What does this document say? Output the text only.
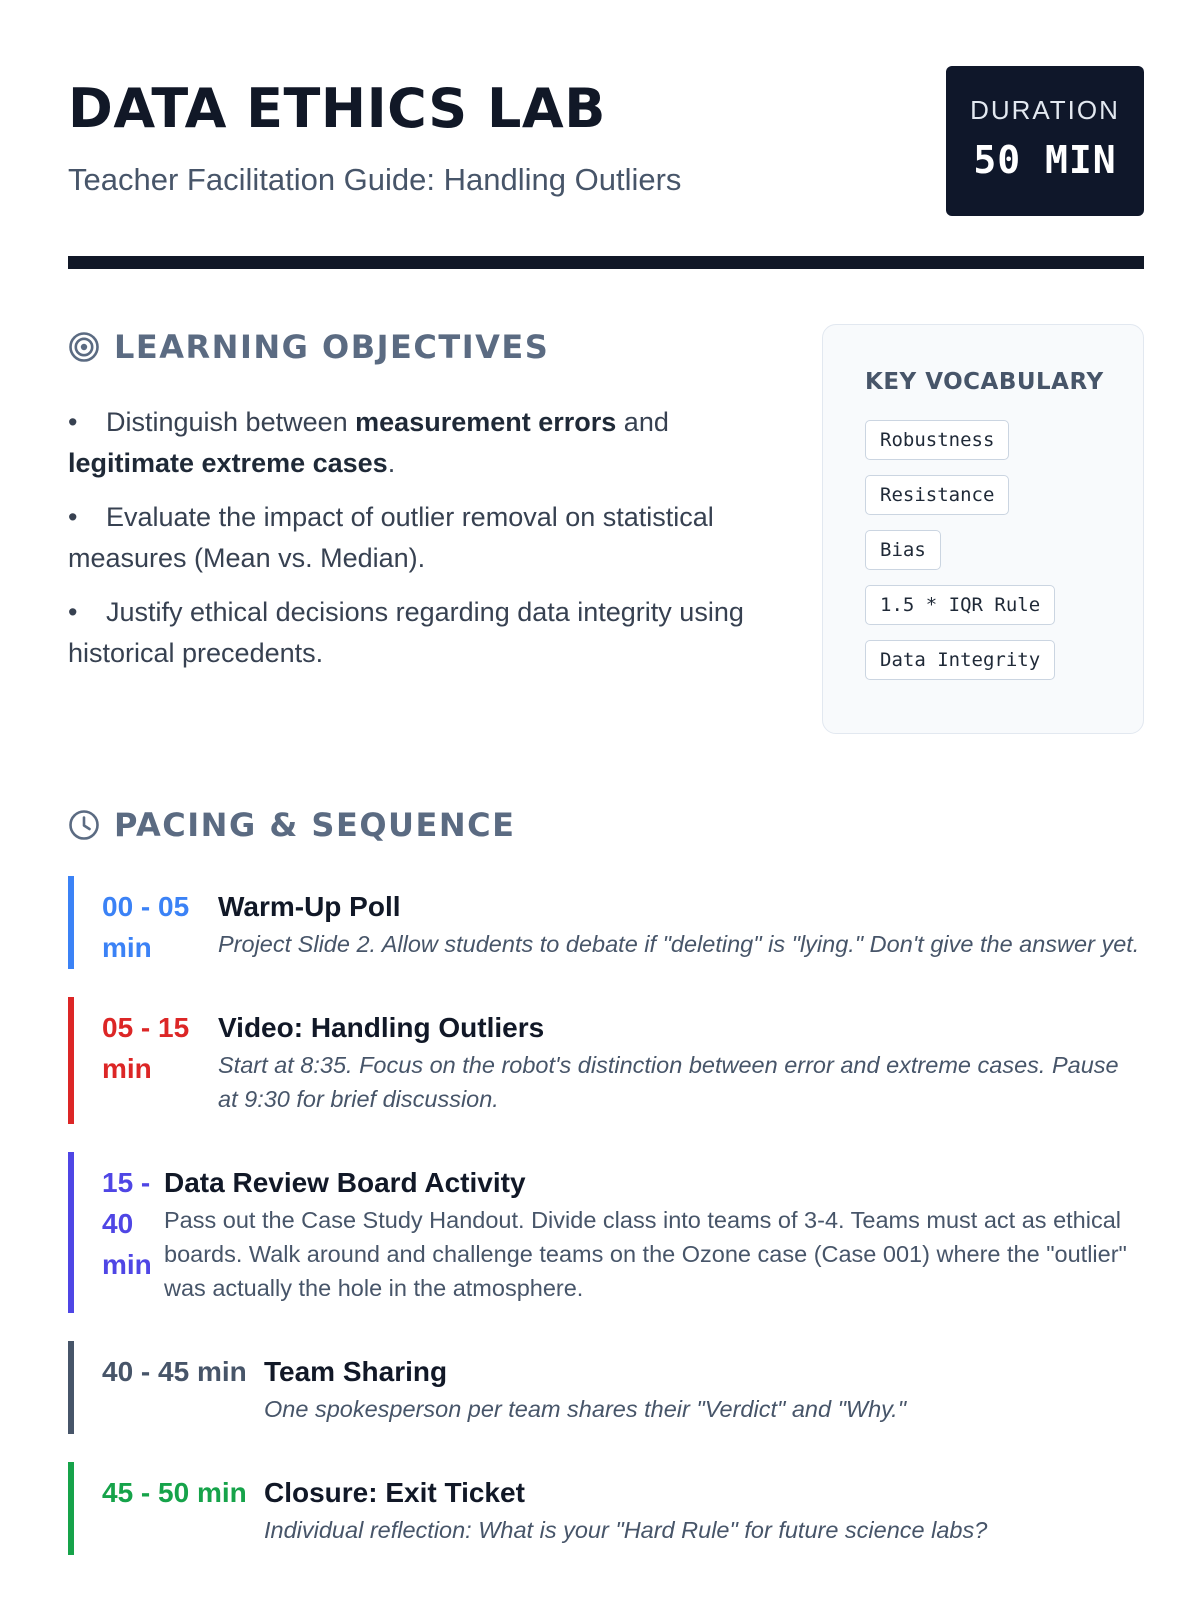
DATA ETHICS LAB
Teacher Facilitation Guide: Handling Outliers
DURATION
50 MIN
LEARNING OBJECTIVES
• Distinguish between measurement errors and legitimate extreme cases.
• Evaluate the impact of outlier removal on statistical measures (Mean vs. Median).
• Justify ethical decisions regarding data integrity using historical precedents.
KEY VOCABULARY
Robustness
Resistance
Bias
1.5 * IQR Rule
Data Integrity
PACING & SEQUENCE
00 - 05 min
Warm-Up Poll
Project Slide 2. Allow students to debate if "deleting" is "lying." Don't give the answer yet.
05 - 15 min
Video: Handling Outliers
Start at 8:35. Focus on the robot's distinction between error and extreme cases. Pause at 9:30 for brief discussion.
15 - 40 min
Data Review Board Activity
Pass out the Case Study Handout. Divide class into teams of 3-4. Teams must act as ethical boards. Walk around and challenge teams on the Ozone case (Case 001) where the "outlier" was actually the hole in the atmosphere.
40 - 45 min Team Sharing
One spokesperson per team shares their "Verdict" and "Why."
45 - 50 min Closure: Exit Ticket
Individual reflection: What is your "Hard Rule" for future science labs?
